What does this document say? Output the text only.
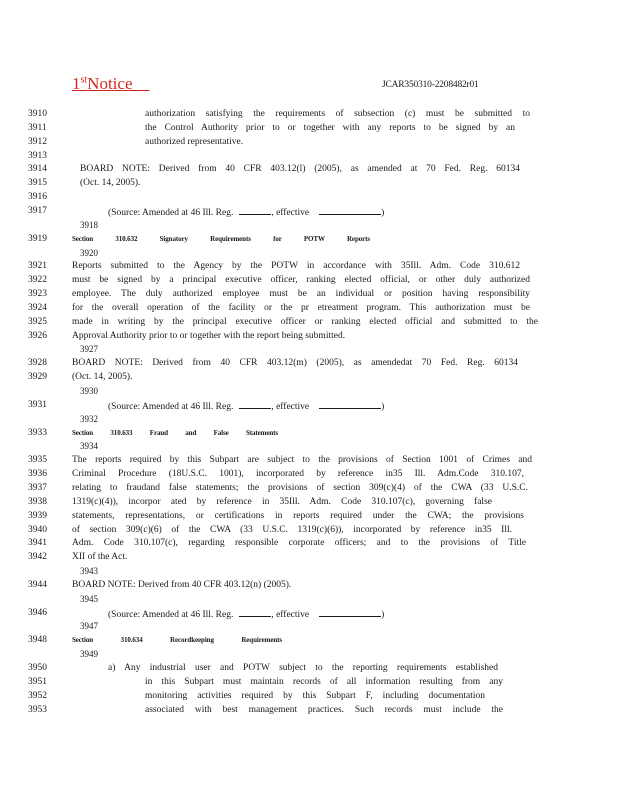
1stNotice	JCAR350310-2208482r01
3910	authorization satisfying the requirements of subsection (c) must be submitted to
3911	the Control Authority prior to or together with any reports to be signed by an
3912	authorized representative.
3913
3914	BOARD NOTE: Derived from 40 CFR 403.12(l) (2005), as amended at 70 Fed. Reg. 60134
3915	(Oct. 14, 2005).
3916
3917	(Source: Amended at 46 Ill. Reg.	, effective	)
3918
3919	Section 310.632 Signatory Requirements for POTW Reports
3920
3921	Reports submitted to the Agency by the POTW in accordance with 35Ill. Adm. Code 310.612
3922	must be signed by a principal executive officer, ranking elected official, or other duly authorized
3923	employee. The duly authorized employee must be an individual or position having responsibility
3924	for the overall operation of the facility or the pr etreatment program. This authorization must be
3925	made in writing by the principal executive officer or ranking elected official and submitted to the
3926	Approval Authority prior to or together with the report being submitted.
3927
3928	BOARD NOTE: Derived from 40 CFR 403.12(m) (2005), as amendedat 70 Fed. Reg. 60134
3929	(Oct. 14, 2005).
3930
3931	(Source: Amended at 46 Ill. Reg.	, effective	)
3932
3933	Section 310.633 Fraud and False Statements
3934
3935	The reports required by this Subpart are subject to the provisions of Section 1001 of Crimes and
3936	Criminal Procedure (18U.S.C. 1001), incorporated by reference in35 Ill. Adm.Code 310.107,
3937	relating to fraudand false statements; the provisions of section 309(c)(4) of the CWA (33 U.S.C.
3938	1319(c)(4)), incorpor ated by reference in 35Ill. Adm. Code 310.107(c), governing false
3939	statements, representations, or certifications in reports required under the CWA; the provisions
3940	of section 309(c)(6) of the CWA (33 U.S.C. 1319(c)(6)), incorporated by reference in35 Ill.
3941	Adm. Code 310.107(c), regarding responsible corporate officers; and to the provisions of Title
3942	XII of the Act.
3943
3944	BOARD NOTE: Derived from 40 CFR 403.12(n) (2005).
3945
3946	(Source: Amended at 46 Ill. Reg.	, effective	)
3947
3948	Section 310.634 Recordkeeping Requirements
3949
3950	a) Any industrial user and POTW subject to the reporting requirements established
3951	in this Subpart must maintain records of all information resulting from any
3952	monitoring activities required by this Subpart F, including documentation
3953	associated with best management practices. Such records must include the
